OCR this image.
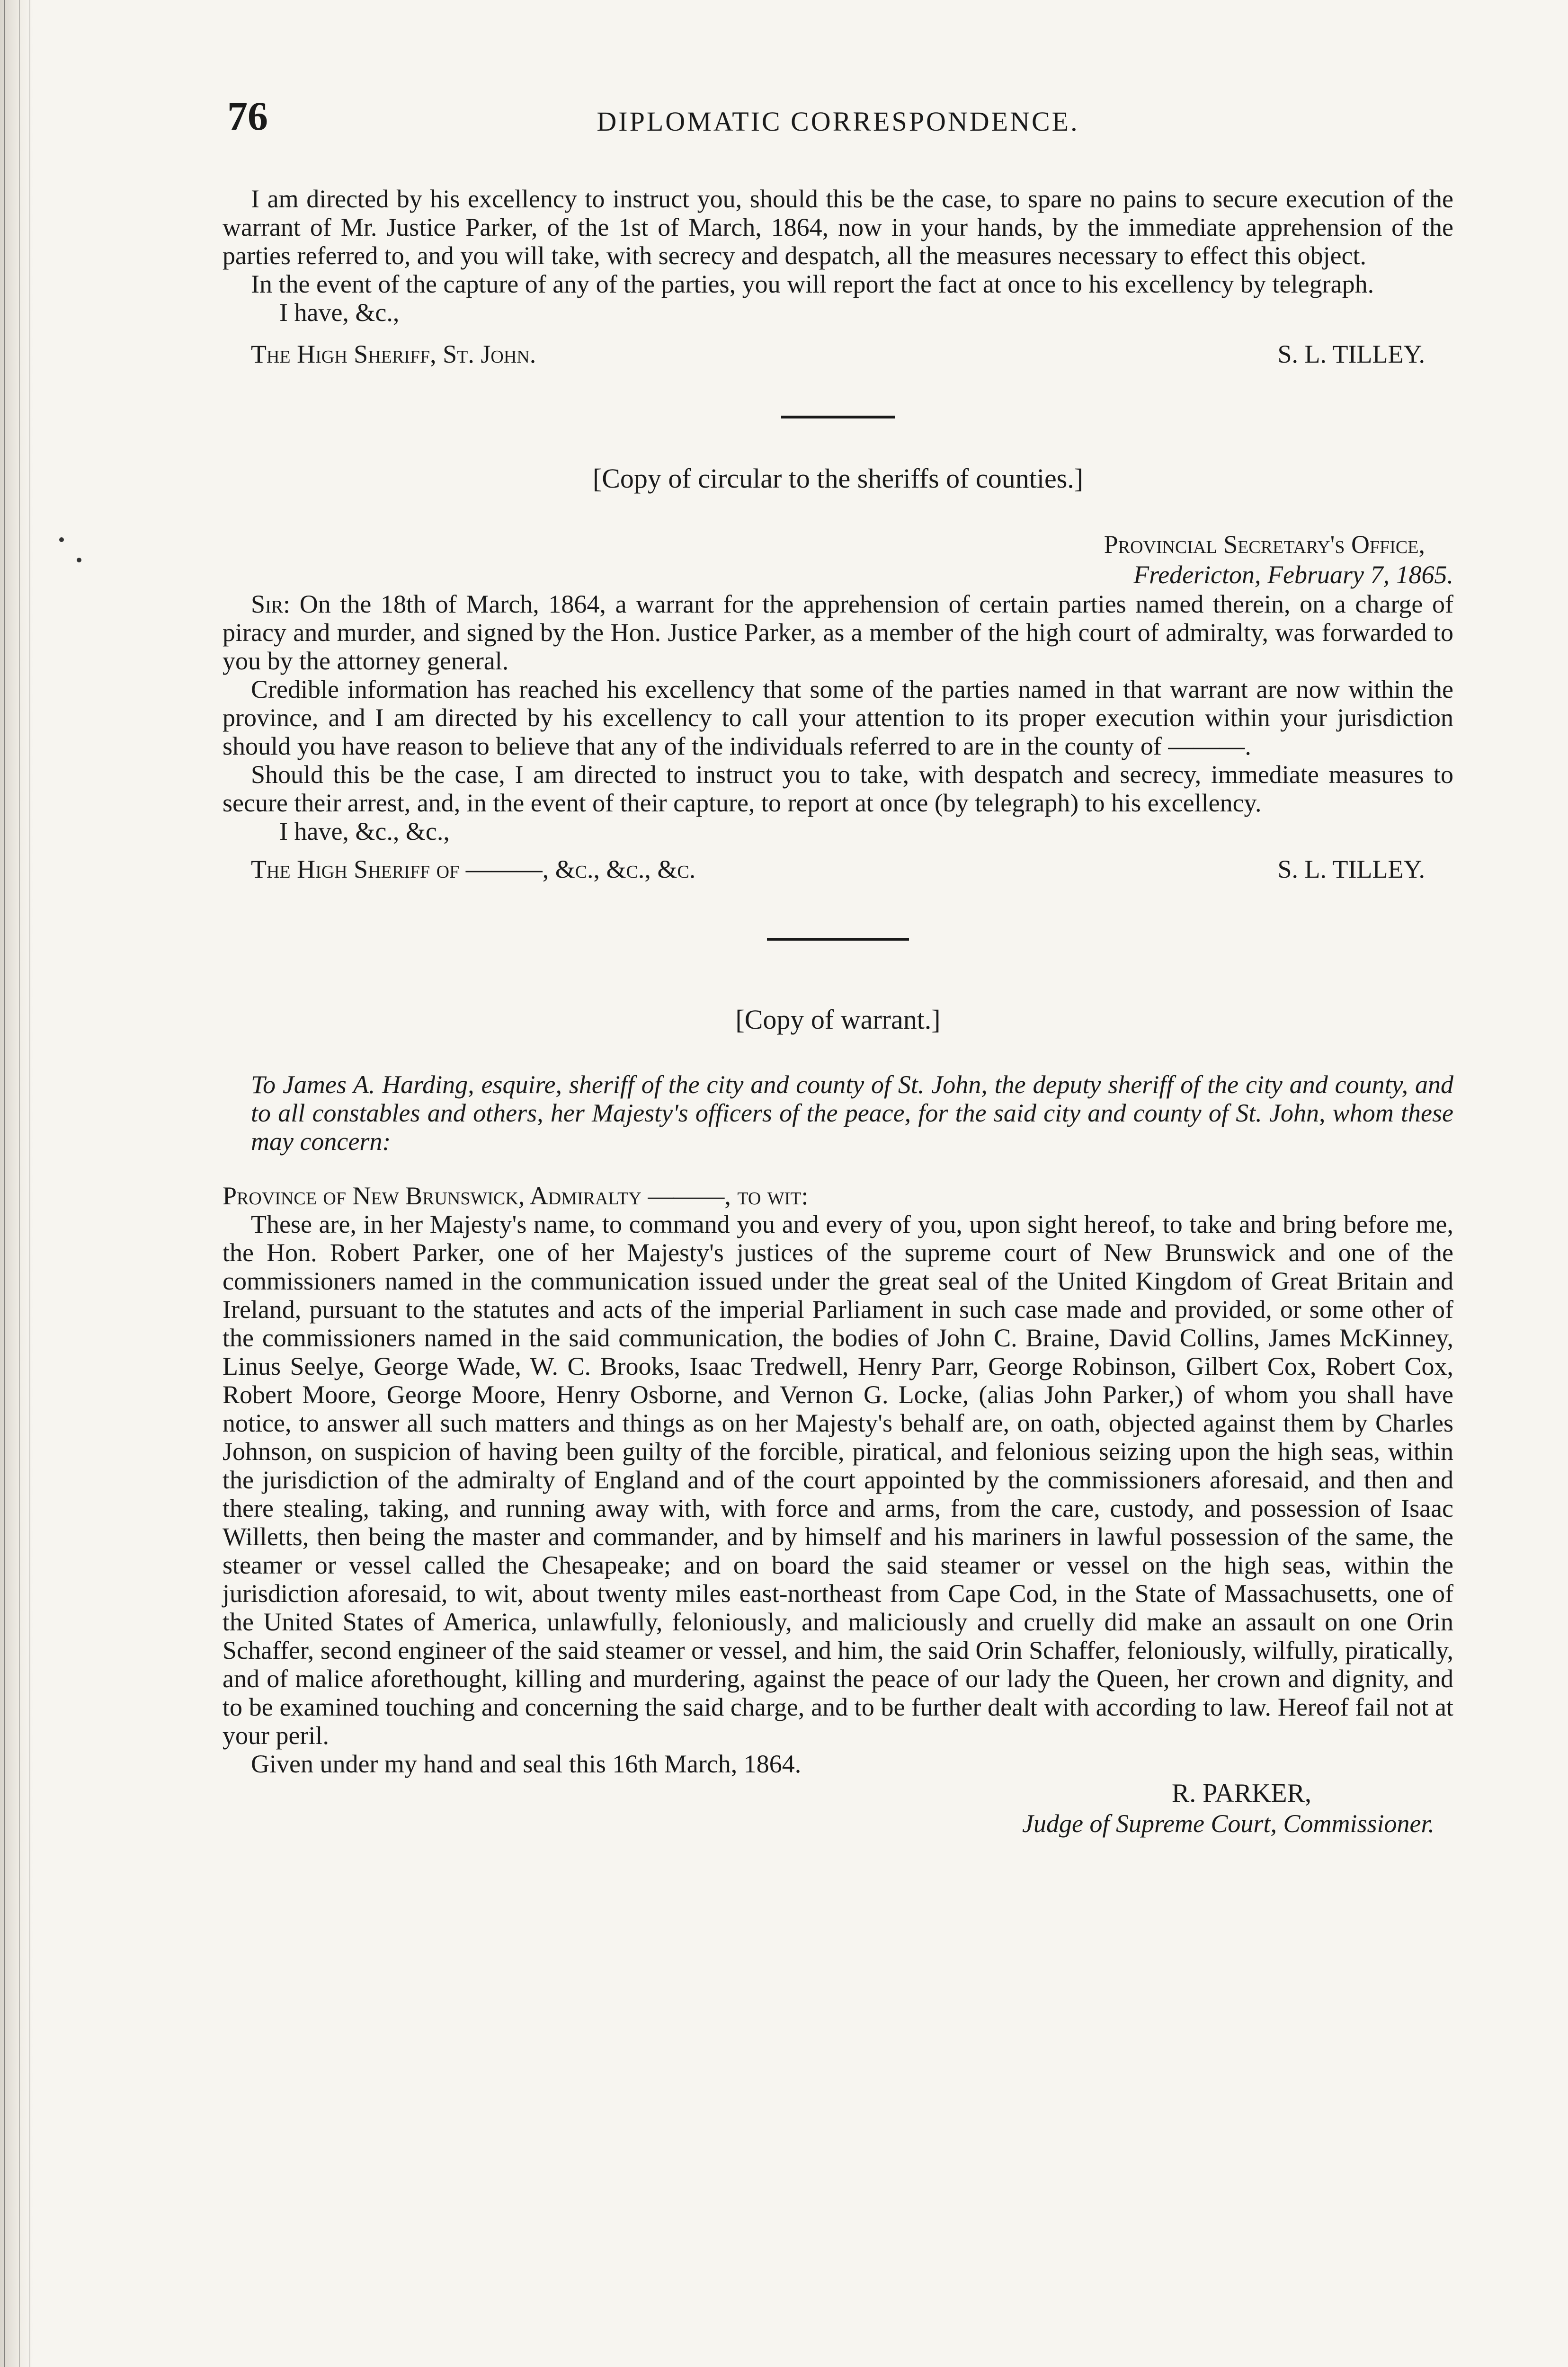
76	DIPLOMATIC CORRESPONDENCE.

I am directed by his excellency to instruct you, should this be the case, to spare no pains to secure execution of the warrant of Mr. Justice Parker, of the 1st of March, 1864, now in your hands, by the immediate apprehension of the parties referred to, and you will take, with secrecy and despatch, all the measures necessary to effect this object.

In the event of the capture of any of the parties, you will report the fact at once to his excellency by telegraph.

I have, &c.,

The High Sheriff, St. John.	S. L. TILLEY.
[Copy of circular to the sheriffs of counties.]
Provincial Secretary's Office,
Fredericton, February 7, 1865.

Sir: On the 18th of March, 1864, a warrant for the apprehension of certain parties named therein, on a charge of piracy and murder, and signed by the Hon. Justice Parker, as a member of the high court of admiralty, was forwarded to you by the attorney general.

Credible information has reached his excellency that some of the parties named in that warrant are now within the province, and I am directed by his excellency to call your attention to its proper execution within your jurisdiction should you have reason to believe that any of the individuals referred to are in the county of ———.

Should this be the case, I am directed to instruct you to take, with despatch and secrecy, immediate measures to secure their arrest, and, in the event of their capture, to report at once (by telegraph) to his excellency.

I have, &c., &c.,

The High Sheriff of ———, &c., &c., &c.	S. L. TILLEY.
[Copy of warrant.]

To James A. Harding, esquire, sheriff of the city and county of St. John, the deputy sheriff of the city and county, and to all constables and others, her Majesty's officers of the peace, for the said city and county of St. John, whom these may concern:

Province of New Brunswick, Admiralty ———, to wit:

These are, in her Majesty's name, to command you and every of you, upon sight hereof, to take and bring before me, the Hon. Robert Parker, one of her Majesty's justices of the supreme court of New Brunswick and one of the commissioners named in the communication issued under the great seal of the United Kingdom of Great Britain and Ireland, pursuant to the statutes and acts of the imperial Parliament in such case made and provided, or some other of the commissioners named in the said communication, the bodies of John C. Braine, David Collins, James McKinney, Linus Seelye, George Wade, W. C. Brooks, Isaac Tredwell, Henry Parr, George Robinson, Gilbert Cox, Robert Cox, Robert Moore, George Moore, Henry Osborne, and Vernon G. Locke, (alias John Parker,) of whom you shall have notice, to answer all such matters and things as on her Majesty's behalf are, on oath, objected against them by Charles Johnson, on suspicion of having been guilty of the forcible, piratical, and felonious seizing upon the high seas, within the jurisdiction of the admiralty of England and of the court appointed by the commissioners aforesaid, and then and there stealing, taking, and running away with, with force and arms, from the care, custody, and possession of Isaac Willetts, then being the master and commander, and by himself and his mariners in lawful possession of the same, the steamer or vessel called the Chesapeake; and on board the said steamer or vessel on the high seas, within the jurisdiction aforesaid, to wit, about twenty miles east-northeast from Cape Cod, in the State of Massachusetts, one of the United States of America, unlawfully, feloniously, and maliciously and cruelly did make an assault on one Orin Schaffer, second engineer of the said steamer or vessel, and him, the said Orin Schaffer, feloniously, wilfully, piratically, and of malice aforethought, killing and murdering, against the peace of our lady the Queen, her crown and dignity, and to be examined touching and concerning the said charge, and to be further dealt with according to law. Hereof fail not at your peril.

Given under my hand and seal this 16th March, 1864.

R. PARKER,
Judge of Supreme Court, Commissioner.
